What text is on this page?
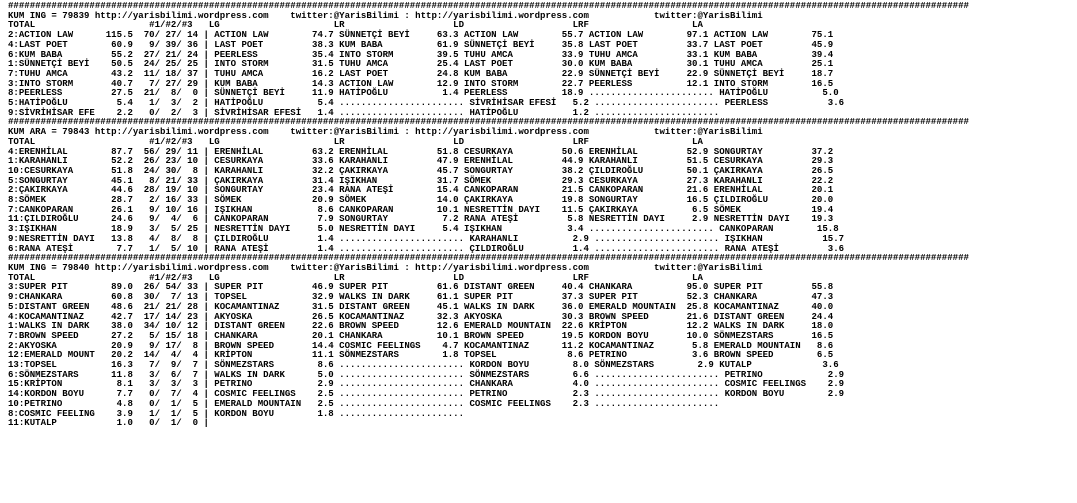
#################################################################################################################################################################################
KUM ING = 79839 http://yarisbilimi.wordpress.com    twitter:@YarisBilimi : http://yarisbilimi.wordpress.com            twitter:@YarisBilimi
TOTAL                     #1/#2/#3   LG                     LR                    LD                    LRF                   LA
2:ACTION LAW      115.5  70/ 27/ 14 | ACTION LAW        74.7 SÜNNETÇİ BEYİ     63.3 ACTION LAW        55.7 ACTION LAW        97.1 ACTION LAW        75.1
4:LAST POET        60.9   9/ 39/ 36 | LAST POET         38.3 KUM BABA          61.9 SÜNNETÇİ BEYİ     35.8 LAST POET         33.7 LAST POET         45.9
6:KUM BABA         55.2  27/ 21/ 24 | PEERLESS          35.4 INTO STORM        39.5 TUHU AMCA         33.9 TUHU AMCA         33.1 KUM BABA          39.4
1:SÜNNETÇİ BEYİ    50.5  24/ 25/ 25 | INTO STORM        31.5 TUHU AMCA         25.4 LAST POET         30.0 KUM BABA          30.1 TUHU AMCA         25.1
7:TUHU AMCA        43.2  11/ 18/ 37 | TUHU AMCA         16.2 LAST POET         24.8 KUM BABA          22.9 SÜNNETÇİ BEYİ     22.9 SÜNNETÇİ BEYİ     18.7
3:INTO STORM       40.7   7/ 27/ 29 | KUM BABA          14.3 ACTION LAW        12.9 INTO STORM        22.7 PEERLESS          12.1 INTO STORM        16.5
8:PEERLESS         27.5  21/  8/  0 | SÜNNETÇİ BEYİ     11.9 HATİPOĞLU          1.4 PEERLESS          18.9 ....................... HATİPOĞLU          5.0
5:HATİPOĞLU         5.4   1/  3/  2 | HATİPOĞLU          5.4 ....................... SİVRİHİSAR EFESİ   5.2 ....................... PEERLESS           3.6
9:SİVRİHİSAR EFE    2.2   0/  2/  3 | SİVRİHİSAR EFESİ   1.4 ....................... HATİPOĞLU          1.2 .......................
#################################################################################################################################################################################
KUM ARA = 79843 http://yarisbilimi.wordpress.com    twitter:@YarisBilimi : http://yarisbilimi.wordpress.com            twitter:@YarisBilimi
TOTAL                     #1/#2/#3   LG                     LR                    LD                    LRF                   LA
4:ERENHİLAL        87.7  56/ 29/ 11 | ERENHİLAL         63.2 ERENHİLAL         51.8 CESURKAYA         50.6 ERENHİLAL         52.9 SONGURTAY         37.2
1:KARAHANLI        52.2  26/ 23/ 10 | CESURKAYA         33.6 KARAHANLI         47.9 ERENHİLAL         44.9 KARAHANLI         51.5 CESURKAYA         29.3
10:CESURKAYA       51.8  24/ 30/  8 | KARAHANLI         32.2 ÇAKIRKAYA         45.7 SONGURTAY         38.2 ÇILDIROĞLU        50.1 ÇAKIRKAYA         26.5
5:SONGURTAY        45.1   8/ 21/ 33 | ÇAKIRKAYA         31.4 IŞIKHAN           31.7 SÖMEK             29.3 CESURKAYA         27.3 KARAHANLI         22.2
2:ÇAKIRKAYA        44.6  28/ 19/ 10 | SONGURTAY         23.4 RANA ATEŞİ        15.4 CANKOPARAN        21.5 CANKOPARAN        21.6 ERENHİLAL         20.1
8:SÖMEK            28.7   2/ 16/ 33 | SÖMEK             20.9 SÖMEK             14.0 ÇAKIRKAYA         19.8 SONGURTAY         16.5 ÇILDIROĞLU        20.0
7:CANKOPARAN       26.1   9/ 10/ 16 | IŞIKHAN            8.6 CANKOPARAN        10.1 NESRETTİN DAYI    11.5 ÇAKIRKAYA          6.5 SÖMEK             19.4
11:ÇILDIROĞLU      24.6   9/  4/  6 | CANKOPARAN         7.9 SONGURTAY          7.2 RANA ATEŞİ         5.8 NESRETTİN DAYI     2.9 NESRETTİN DAYI    19.3
3:IŞIKHAN          18.9   3/  5/ 25 | NESRETTİN DAYI     5.0 NESRETTİN DAYI     5.4 IŞIKHAN            3.4 ....................... CANKOPARAN        15.8
9:NESRETTİN DAYI   13.8   4/  8/  8 | ÇILDIROĞLU         1.4 ....................... KARAHANLI          2.9 ....................... IŞIKHAN           15.7
6:RANA ATEŞİ        7.7   1/  5/ 10 | RANA ATEŞİ         1.4 ....................... ÇILDIROĞLU         1.4 ....................... RANA ATEŞİ         3.6
#################################################################################################################################################################################
KUM ING = 79840 http://yarisbilimi.wordpress.com    twitter:@YarisBilimi : http://yarisbilimi.wordpress.com            twitter:@YarisBilimi
TOTAL                     #1/#2/#3   LG                     LR                    LD                    LRF                   LA
3:SUPER PIT        89.0  26/ 54/ 33 | SUPER PIT         46.9 SUPER PIT         61.6 DISTANT GREEN     40.4 CHANKARA          95.0 SUPER PIT         55.8
9:CHANKARA         60.8  30/  7/ 13 | TOPSEL            32.9 WALKS IN DARK     61.1 SUPER PIT         37.3 SUPER PIT         52.3 CHANKARA          47.3
5:DISTANT GREEN    48.6  21/ 21/ 28 | KOCAMANTINAZ      31.5 DISTANT GREEN     45.1 WALKS IN DARK     36.0 EMERALD MOUNTAIN  25.8 KOCAMANTINAZ      40.0
4:KOCAMANTINAZ     42.7  17/ 14/ 23 | AKYOSKA           26.5 KOCAMANTINAZ      32.3 AKYOSKA           30.3 BROWN SPEED       21.6 DISTANT GREEN     24.4
1:WALKS IN DARK    38.0  34/ 10/ 12 | DISTANT GREEN     22.6 BROWN SPEED       12.6 EMERALD MOUNTAIN  22.6 KRİPTON           12.2 WALKS IN DARK     18.0
7:BROWN SPEED      27.2   5/ 15/ 18 | CHANKARA          20.1 CHANKARA          10.1 BROWN SPEED       19.5 KORDON BOYU       10.0 SÖNMEZSTARS       16.5
2:AKYOSKA          20.9   9/ 17/  8 | BROWN SPEED       14.4 COSMIC FEELINGS    4.7 KOCAMANTINAZ      11.2 KOCAMANTINAZ       5.8 EMERALD MOUNTAIN   8.6
12:EMERALD MOUNT   20.2  14/  4/  4 | KRİPTON           11.1 SÖNMEZSTARS        1.8 TOPSEL             8.6 PETRINO            3.6 BROWN SPEED        6.5
13:TOPSEL          16.3   7/  9/  7 | SÖNMEZSTARS        8.6 ....................... KORDON BOYU        8.0 SÖNMEZSTARS        2.9 KUTALP             3.6
6:SÖNMEZSTARS      11.8   3/  6/  7 | WALKS IN DARK      5.0 ....................... SÖNMEZSTARS        6.6 ....................... PETRINO            2.9
15:KRİPTON          8.1   3/  3/  3 | PETRINO            2.9 ....................... CHANKARA           4.0 ....................... COSMIC FEELINGS    2.9
14:KORDON BOYU      7.7   0/  7/  4 | COSMIC FEELINGS    2.5 ....................... PETRINO            2.3 ....................... KORDON BOYU        2.9
10:PETRINO          4.8   0/  1/  5 | EMERALD MOUNTAIN   2.5 ....................... COSMIC FEELINGS    2.3 .......................
8:COSMIC FEELING    3.9   1/  1/  5 | KORDON BOYU        1.8 .......................
11:KUTALP           1.0   0/  1/  0 |
